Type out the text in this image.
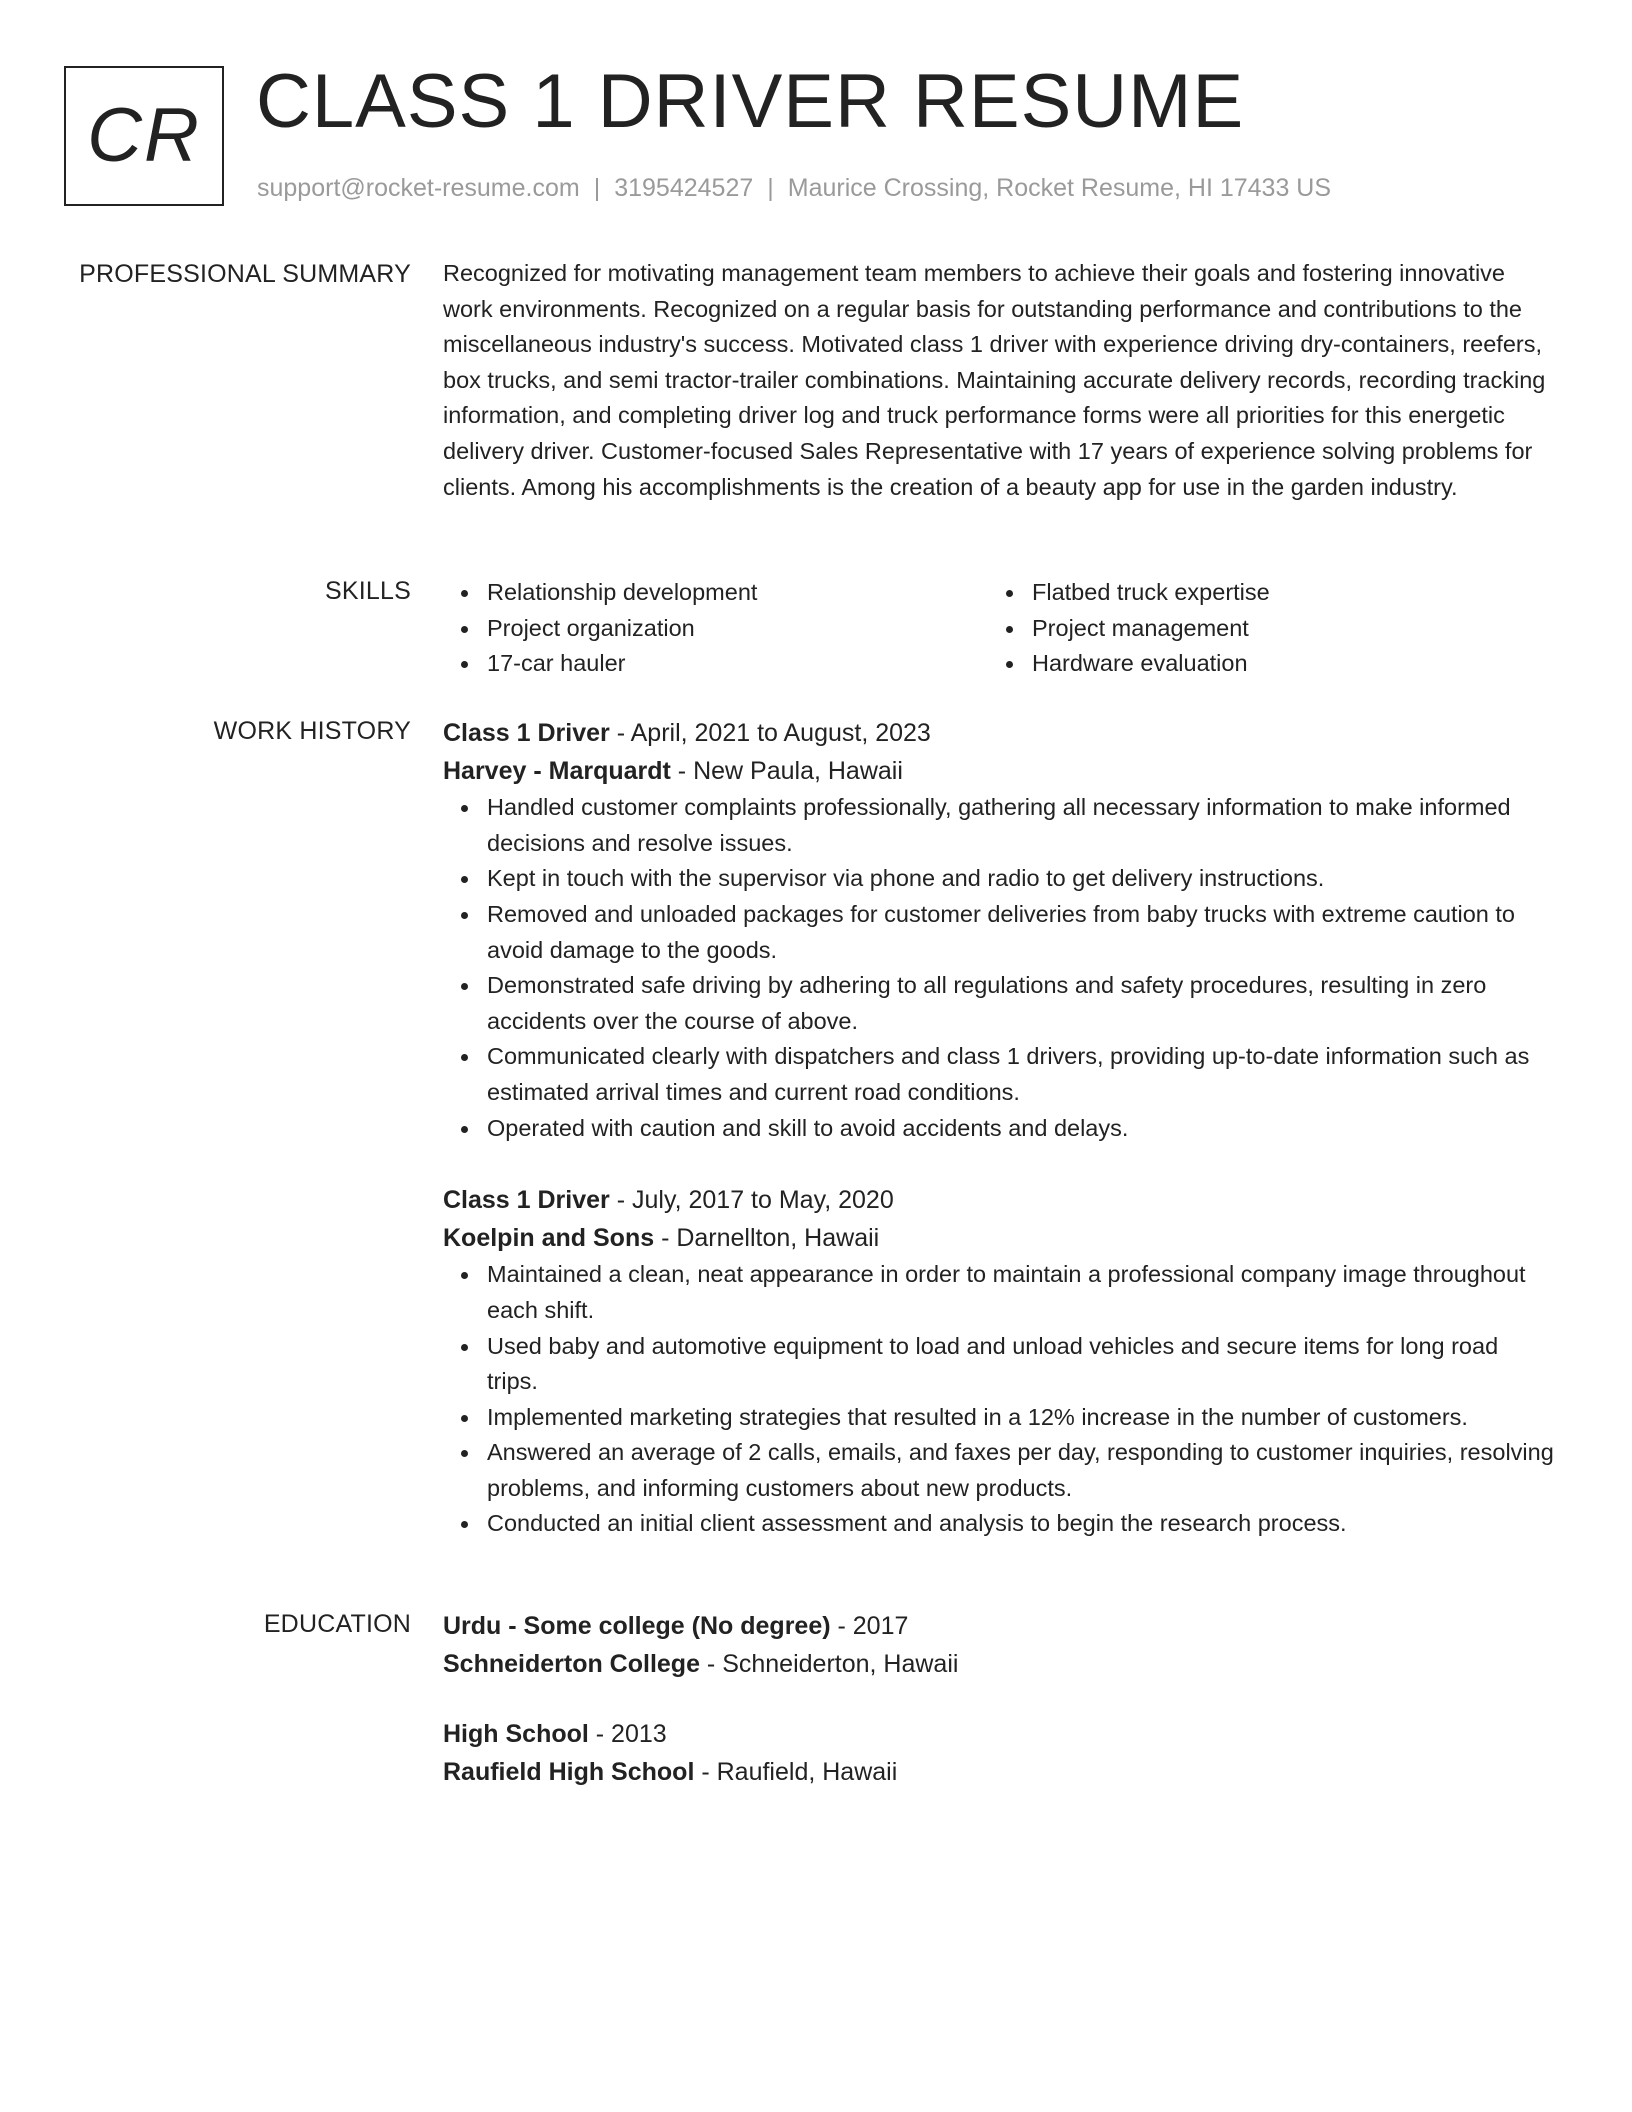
CR CLASS 1 DRIVER RESUME
support@rocket-resume.com | 3195424527 | Maurice Crossing, Rocket Resume, HI 17433 US
PROFESSIONAL SUMMARY Recognized for motivating management team members to achieve their goals and fostering innovative work environments. Recognized on a regular basis for outstanding performance and contributions to the miscellaneous industry's success. Motivated class 1 driver with experience driving dry-containers, reefers, box trucks, and semi tractor-trailer combinations. Maintaining accurate delivery records, recording tracking information, and completing driver log and truck performance forms were all priorities for this energetic delivery driver. Customer-focused Sales Representative with 17 years of experience solving problems for clients. Among his accomplishments is the creation of a beauty app for use in the garden industry.

SKILLS	Relationship development
Project organization
17-car hauler
Flatbed truck expertise
Project management
Hardware evaluation
WORK HISTORY Class 1 Driver - April, 2021 to August, 2023
Harvey - Marquardt - New Paula, Hawaii
Handled customer complaints professionally, gathering all necessary information to make informed decisions and resolve issues.
Kept in touch with the supervisor via phone and radio to get delivery instructions.
Removed and unloaded packages for customer deliveries from baby trucks with extreme caution to avoid damage to the goods.
Demonstrated safe driving by adhering to all regulations and safety procedures, resulting in zero accidents over the course of above.
Communicated clearly with dispatchers and class 1 drivers, providing up-to-date information such as estimated arrival times and current road conditions.
Operated with caution and skill to avoid accidents and delays.
Class 1 Driver - July, 2017 to May, 2020
Koelpin and Sons - Darnellton, Hawaii
Maintained a clean, neat appearance in order to maintain a professional company image throughout each shift.
Used baby and automotive equipment to load and unload vehicles and secure items for long road trips.
Implemented marketing strategies that resulted in a 12% increase in the number of customers.
Answered an average of 2 calls, emails, and faxes per day, responding to customer inquiries, resolving problems, and informing customers about new products.
Conducted an initial client assessment and analysis to begin the research process.
EDUCATION Urdu - Some college (No degree) - 2017
Schneiderton College - Schneiderton, Hawaii
High School - 2013
Raufield High School - Raufield, Hawaii
